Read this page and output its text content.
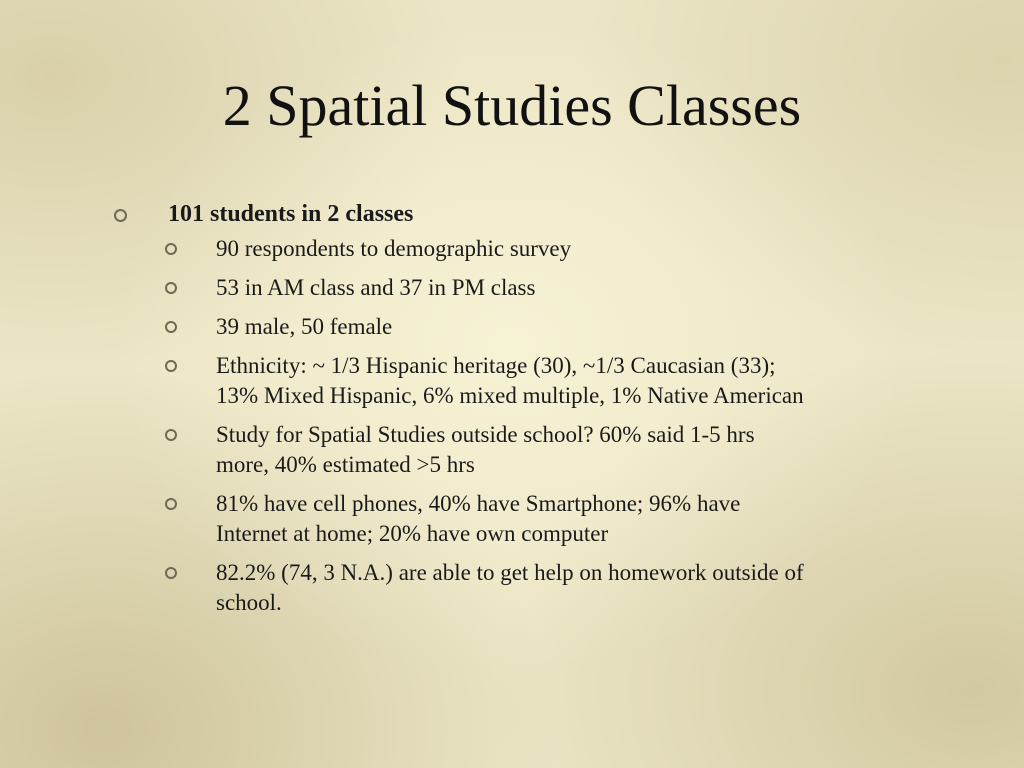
2 Spatial Studies Classes
101 students in 2 classes
90 respondents to demographic survey
53 in AM class and 37 in PM class
39 male, 50 female
Ethnicity: ~ 1/3 Hispanic heritage (30), ~1/3 Caucasian (33); 13% Mixed Hispanic, 6% mixed multiple, 1% Native American
Study for Spatial Studies outside school? 60% said 1-5 hrs more, 40% estimated >5 hrs
81% have cell phones, 40% have Smartphone; 96% have Internet at home; 20% have own computer
82.2% (74, 3 N.A.) are able to get help on homework outside of school.
